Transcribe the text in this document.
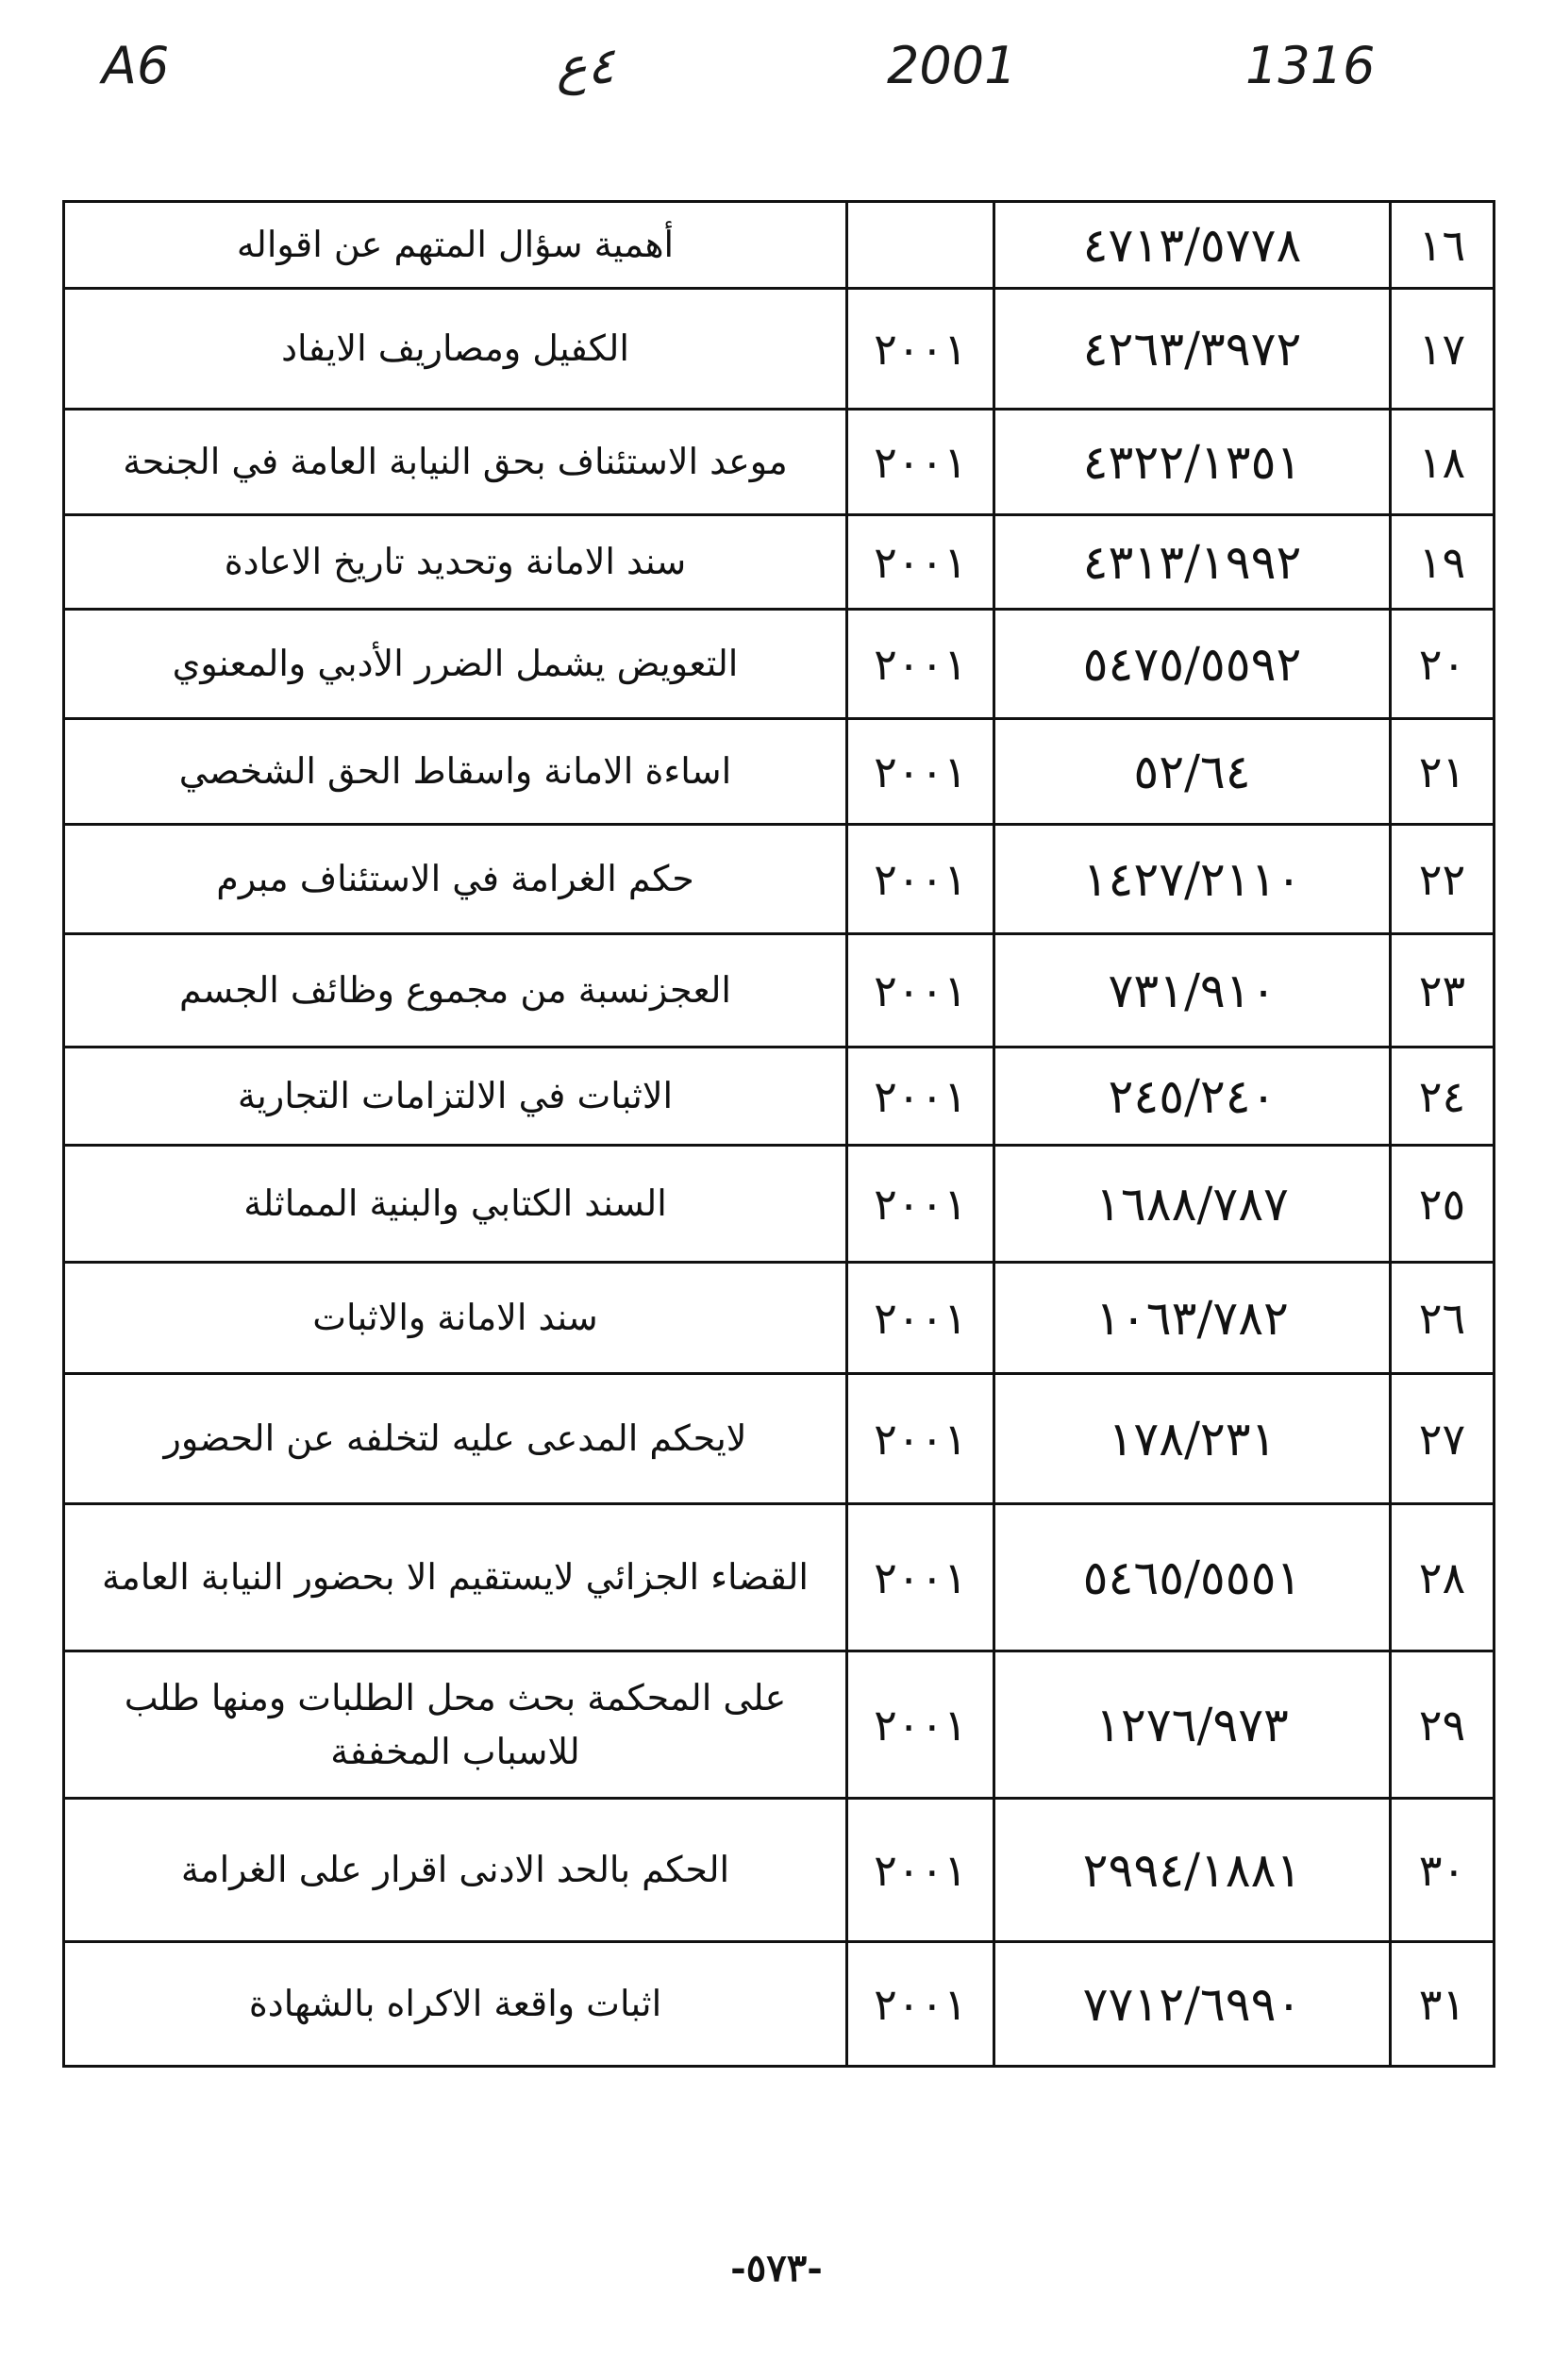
A6	٤ع	2001	1316
١٦	٤٧١٣/٥٧٧٨		أهمية سؤال المتهم عن اقواله
١٧	٤٢٦٣/٣٩٧٢	٢٠٠١	الكفيل ومصاريف الايفاد
١٨	٤٣٢٢/١٣٥١	٢٠٠١	موعد الاستئناف بحق النيابة العامة في الجنحة
١٩	٤٣١٣/١٩٩٢	٢٠٠١	سند الامانة وتحديد تاريخ الاعادة
٢٠	٥٤٧٥/٥٥٩٢	٢٠٠١	التعويض يشمل الضرر الأدبي والمعنوي
٢١	٥٢/٦٤	٢٠٠١	اساءة الامانة واسقاط الحق الشخصي
٢٢	١٤٢٧/٢١١٠	٢٠٠١	حكم الغرامة في الاستئناف مبرم
٢٣	٧٣١/٩١٠	٢٠٠١	العجزنسبة من مجموع وظائف الجسم
٢٤	٢٤٥/٢٤٠	٢٠٠١	الاثبات في الالتزامات التجارية
٢٥	١٦٨٨/٧٨٧	٢٠٠١	السند الكتابي والبنية المماثلة
٢٦	١٠٦٣/٧٨٢	٢٠٠١	سند الامانة والاثبات
٢٧	١٧٨/٢٣١	٢٠٠١	لايحكم المدعى عليه لتخلفه عن الحضور
٢٨	٥٤٦٥/٥٥٥١	٢٠٠١	القضاء الجزائي لايستقيم الا بحضور النيابة العامة
٢٩	١٢٧٦/٩٧٣	٢٠٠١	على المحكمة بحث محل الطلبات ومنها طلب للاسباب المخففة
٣٠	٢٩٩٤/١٨٨١	٢٠٠١	الحكم بالحد الادنى اقرار على الغرامة
٣١	٧٧١٢/٦٩٩٠	٢٠٠١	اثبات واقعة الاكراه بالشهادة
-٥٧٣-
